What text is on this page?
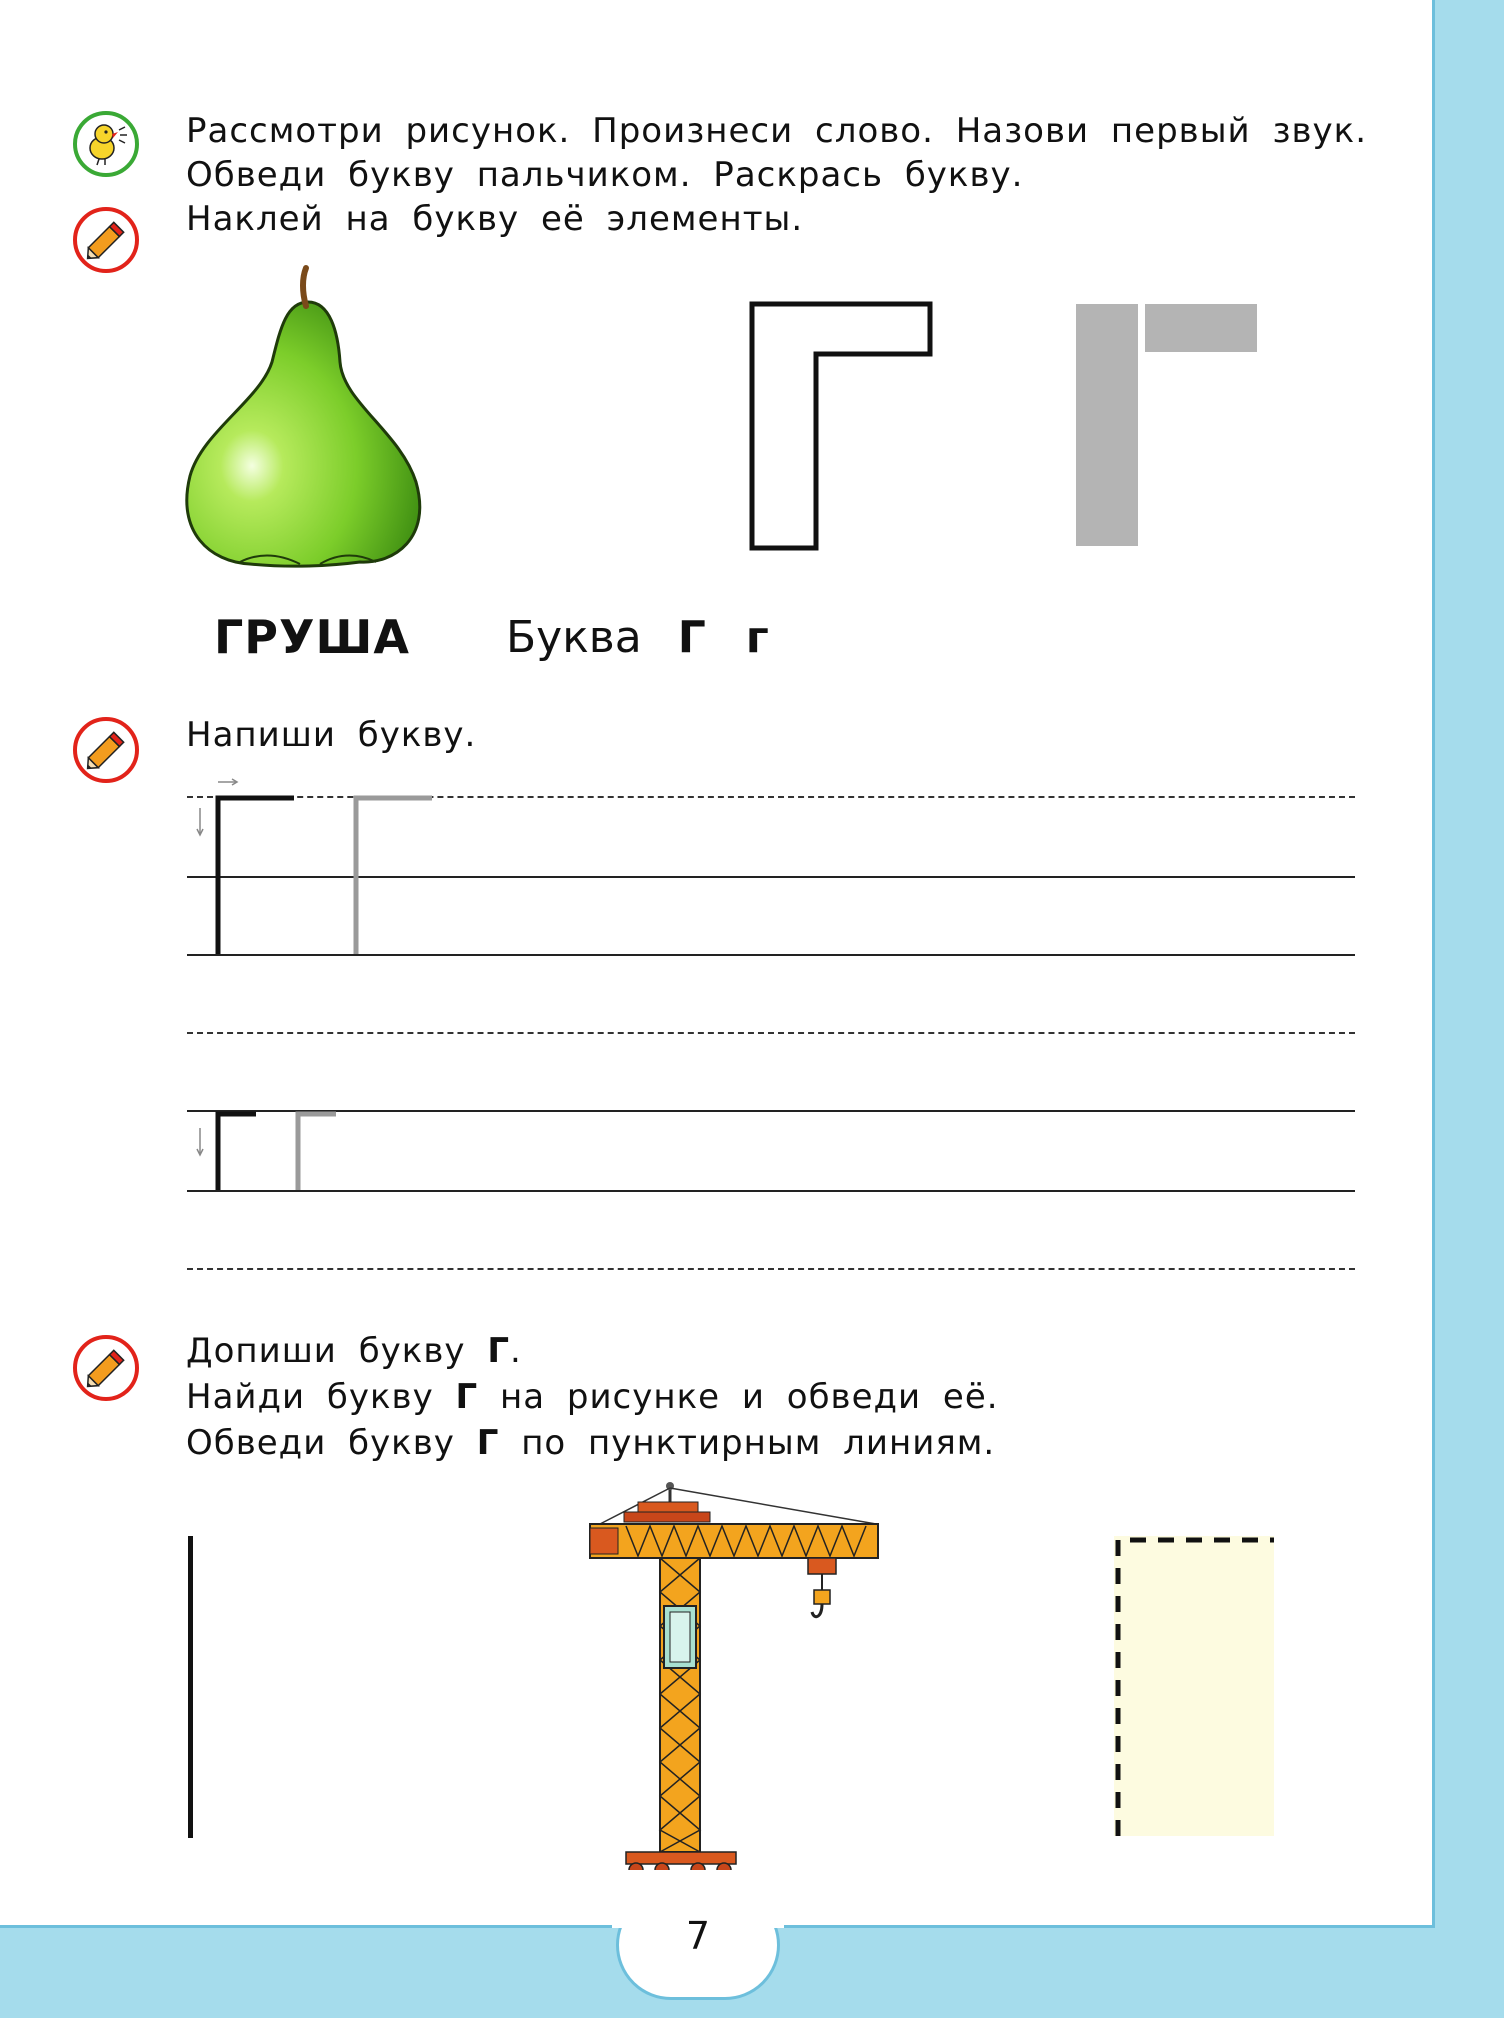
Рассмотри рисунок. Произнеси слово. Назови первый звук.
Обведи букву пальчиком. Раскрась букву.
Наклей на букву её элементы.
ГРУША Буква Г г
Напиши букву.
Допиши букву Г.
Найди букву Г на рисунке и обведи её.
Обведи букву Г по пунктирным линиям.
7
